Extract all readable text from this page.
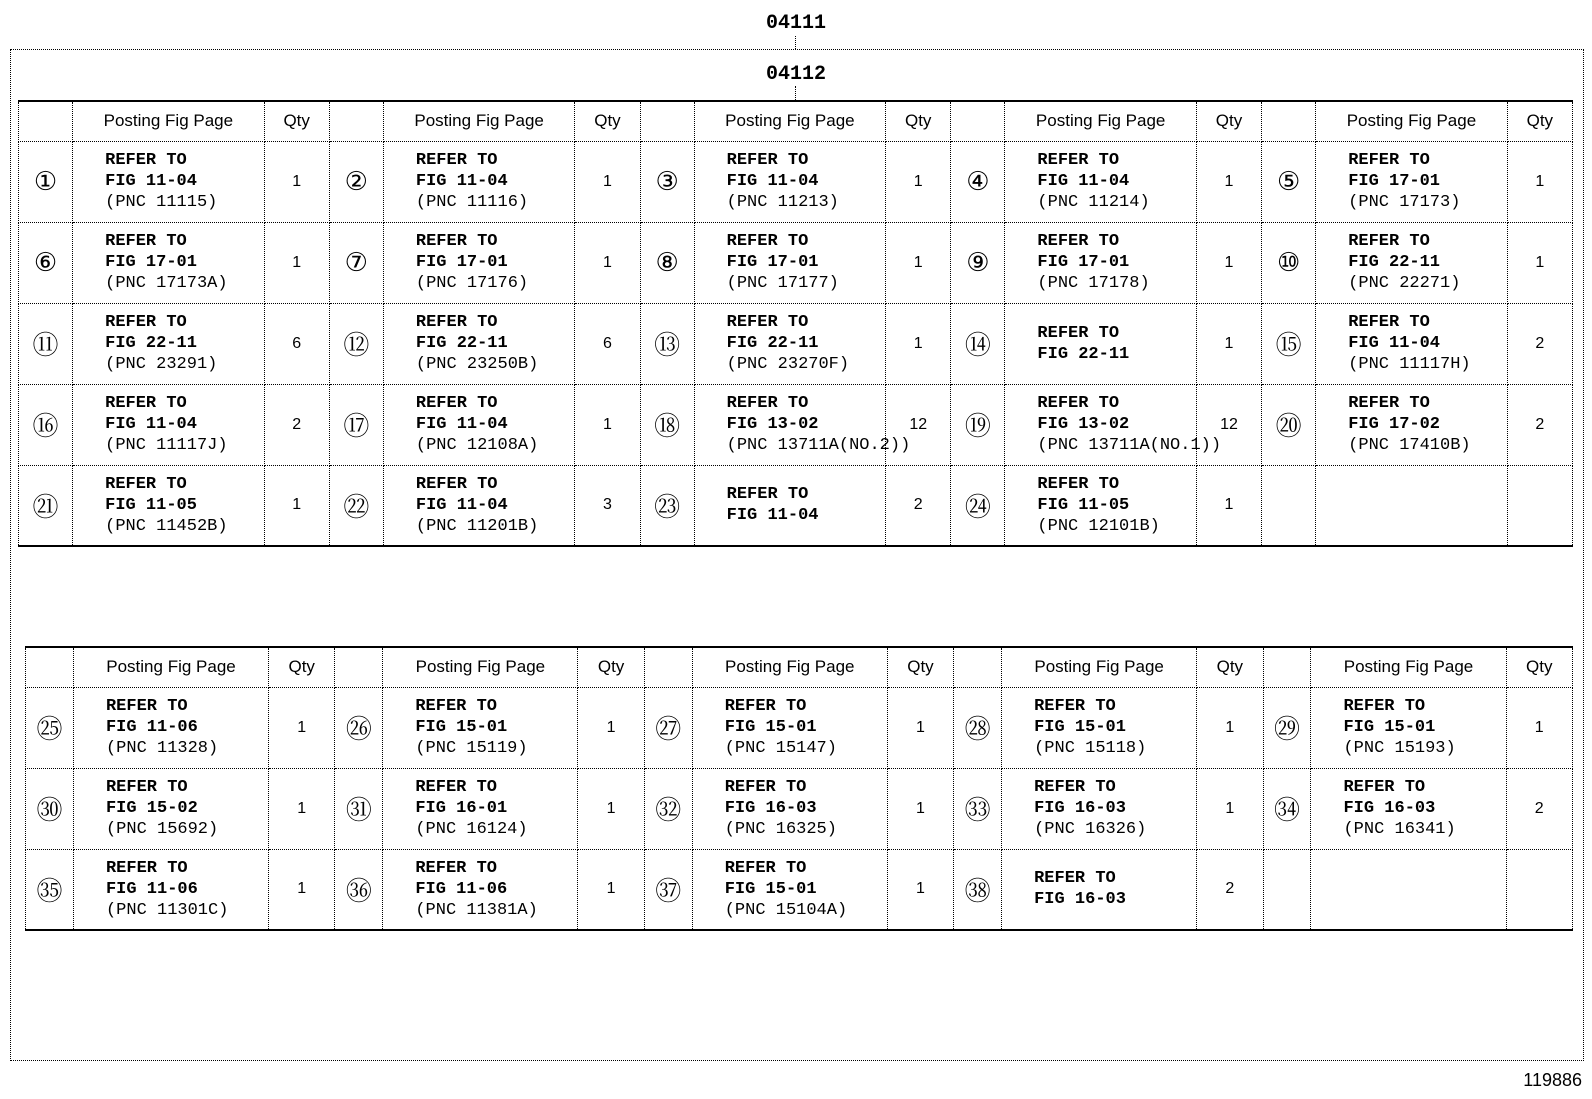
04111
04112
	Posting Fig Page	Qty		Posting Fig Page	Qty		Posting Fig Page	Qty		Posting Fig Page	Qty		Posting Fig Page	Qty
①	REFER TO
FIG 11-04
(PNC 11115)	1	②	REFER TO
FIG 11-04
(PNC 11116)	1	③	REFER TO
FIG 11-04
(PNC 11213)	1	④	REFER TO
FIG 11-04
(PNC 11214)	1	⑤	REFER TO
FIG 17-01
(PNC 17173)	1
⑥	REFER TO
FIG 17-01
(PNC 17173A)	1	⑦	REFER TO
FIG 17-01
(PNC 17176)	1	⑧	REFER TO
FIG 17-01
(PNC 17177)	1	⑨	REFER TO
FIG 17-01
(PNC 17178)	1	⑩	REFER TO
FIG 22-11
(PNC 22271)	1
⑪	REFER TO
FIG 22-11
(PNC 23291)	6	⑫	REFER TO
FIG 22-11
(PNC 23250B)	6	⑬	REFER TO
FIG 22-11
(PNC 23270F)	1	⑭	REFER TO
FIG 22-11	1	⑮	REFER TO
FIG 11-04
(PNC 11117H)	2
⑯	REFER TO
FIG 11-04
(PNC 11117J)	2	⑰	REFER TO
FIG 11-04
(PNC 12108A)	1	⑱	REFER TO
FIG 13-02
(PNC 13711A(NO.2))	12	⑲	REFER TO
FIG 13-02
(PNC 13711A(NO.1))	12	⑳	REFER TO
FIG 17-02
(PNC 17410B)	2
㉑	REFER TO
FIG 11-05
(PNC 11452B)	1	㉒	REFER TO
FIG 11-04
(PNC 11201B)	3	㉓	REFER TO
FIG 11-04	2	㉔	REFER TO
FIG 11-05
(PNC 12101B)	1		

	Posting Fig Page	Qty		Posting Fig Page	Qty		Posting Fig Page	Qty		Posting Fig Page	Qty		Posting Fig Page	Qty
㉕	REFER TO
FIG 11-06
(PNC 11328)	1	㉖	REFER TO
FIG 15-01
(PNC 15119)	1	㉗	REFER TO
FIG 15-01
(PNC 15147)	1	㉘	REFER TO
FIG 15-01
(PNC 15118)	1	㉙	REFER TO
FIG 15-01
(PNC 15193)	1
㉚	REFER TO
FIG 15-02
(PNC 15692)	1	㉛	REFER TO
FIG 16-01
(PNC 16124)	1	㉜	REFER TO
FIG 16-03
(PNC 16325)	1	㉝	REFER TO
FIG 16-03
(PNC 16326)	1	㉞	REFER TO
FIG 16-03
(PNC 16341)	2
㉟	REFER TO
FIG 11-06
(PNC 11301C)	1	㊱	REFER TO
FIG 11-06
(PNC 11381A)	1	㊲	REFER TO
FIG 15-01
(PNC 15104A)	1	㊳	REFER TO
FIG 16-03	2		

119886
